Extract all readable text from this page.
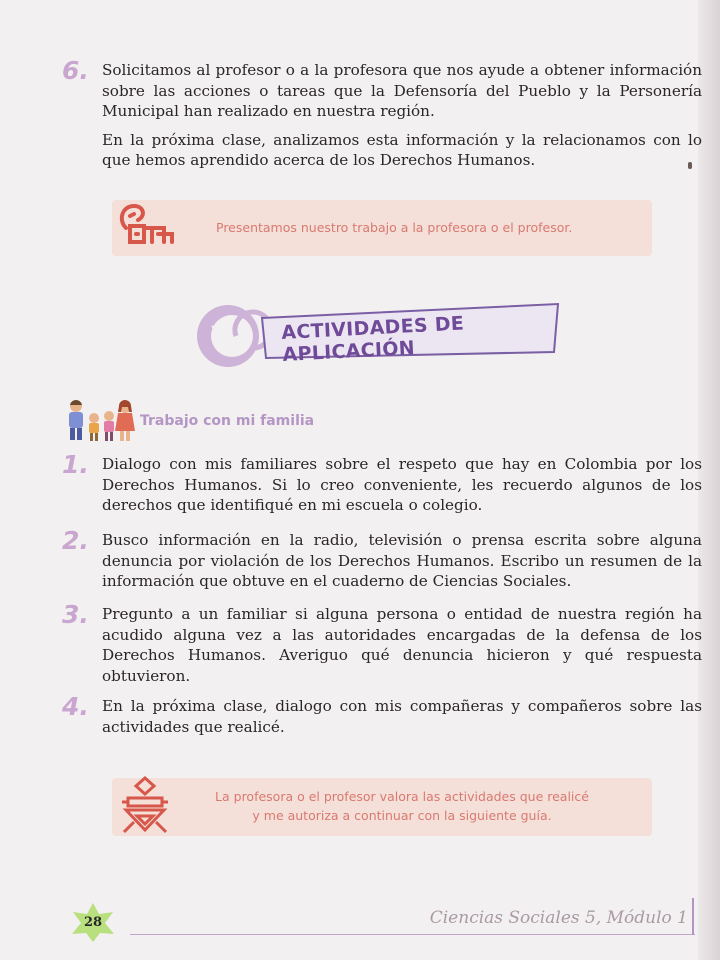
6. Solicitamos al profesor o a la profesora que nos ayude a obtener información sobre las acciones o tareas que la Defensoría del Pueblo y la Personería Municipal han realizado en nuestra región.

En la próxima clase, analizamos esta información y la relacionamos con lo que hemos aprendido acerca de los Derechos Humanos.

Presentamos nuestro trabajo a la profesora o el profesor.
ACTIVIDADES DE APLICACIÓN
Trabajo con mi familia
1. Dialogo con mis familiares sobre el respeto que hay en Colombia por los Derechos Humanos. Si lo creo conveniente, les recuerdo algunos de los derechos que identifiqué en mi escuela o colegio.
2. Busco información en la radio, televisión o prensa escrita sobre alguna denuncia por violación de los Derechos Humanos. Escribo un resumen de la información que obtuve en el cuaderno de Ciencias Sociales.
3. Pregunto a un familiar si alguna persona o entidad de nuestra región ha acudido alguna vez a las autoridades encargadas de la defensa de los Derechos Humanos. Averiguo qué denuncia hicieron y qué respuesta obtuvieron.
4. En la próxima clase, dialogo con mis compañeras y compañeros sobre las actividades que realicé.
La profesora o el profesor valora las actividades que realicé
y me autoriza a continuar con la siguiente guía.
28	Ciencias Sociales 5, Módulo 1
